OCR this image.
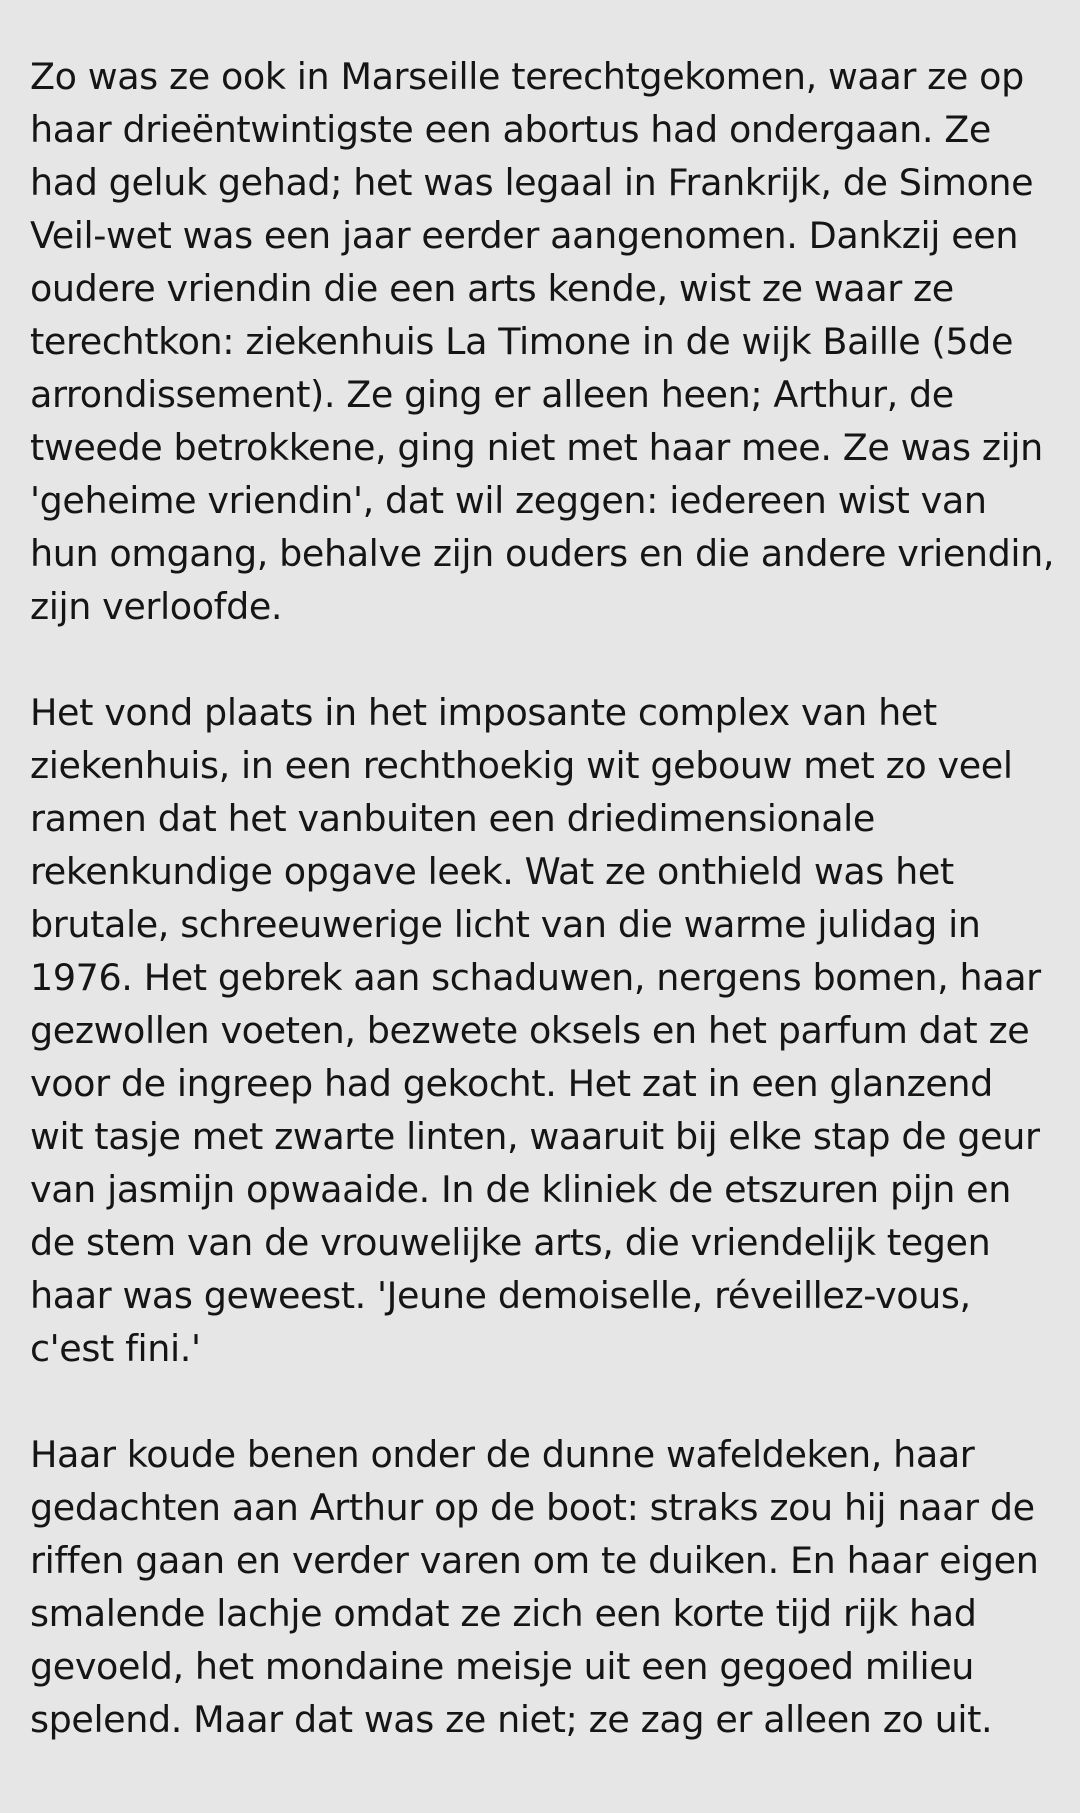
Zo was ze ook in Marseille terechtgekomen, waar ze op haar drieëntwintigste een abortus had ondergaan. Ze had geluk gehad; het was legaal in Frankrijk, de Simone Veil-wet was een jaar eerder aangenomen. Dankzij een oudere vriendin die een arts kende, wist ze waar ze terechtkon: ziekenhuis La Timone in de wijk Baille (5de arrondissement). Ze ging er alleen heen; Arthur, de tweede betrokkene, ging niet met haar mee. Ze was zijn 'geheime vriendin', dat wil zeggen: iedereen wist van hun omgang, behalve zijn ouders en die andere vriendin, zijn verloofde.

Het vond plaats in het imposante complex van het ziekenhuis, in een rechthoekig wit gebouw met zo veel ramen dat het vanbuiten een driedimensionale rekenkundige opgave leek. Wat ze onthield was het brutale, schreeuwerige licht van die warme julidag in 1976. Het gebrek aan schaduwen, nergens bomen, haar gezwollen voeten, bezwete oksels en het parfum dat ze voor de ingreep had gekocht. Het zat in een glanzend wit tasje met zwarte linten, waaruit bij elke stap de geur van jasmijn opwaaide. In de kliniek de etszuren pijn en de stem van de vrouwelijke arts, die vriendelijk tegen haar was geweest. 'Jeune demoiselle, réveillez-vous, c'est fini.'

Haar koude benen onder de dunne wafeldeken, haar gedachten aan Arthur op de boot: straks zou hij naar de riffen gaan en verder varen om te duiken. En haar eigen smalende lachje omdat ze zich een korte tijd rijk had gevoeld, het mondaine meisje uit een gegoed milieu spelend. Maar dat was ze niet; ze zag er alleen zo uit.
